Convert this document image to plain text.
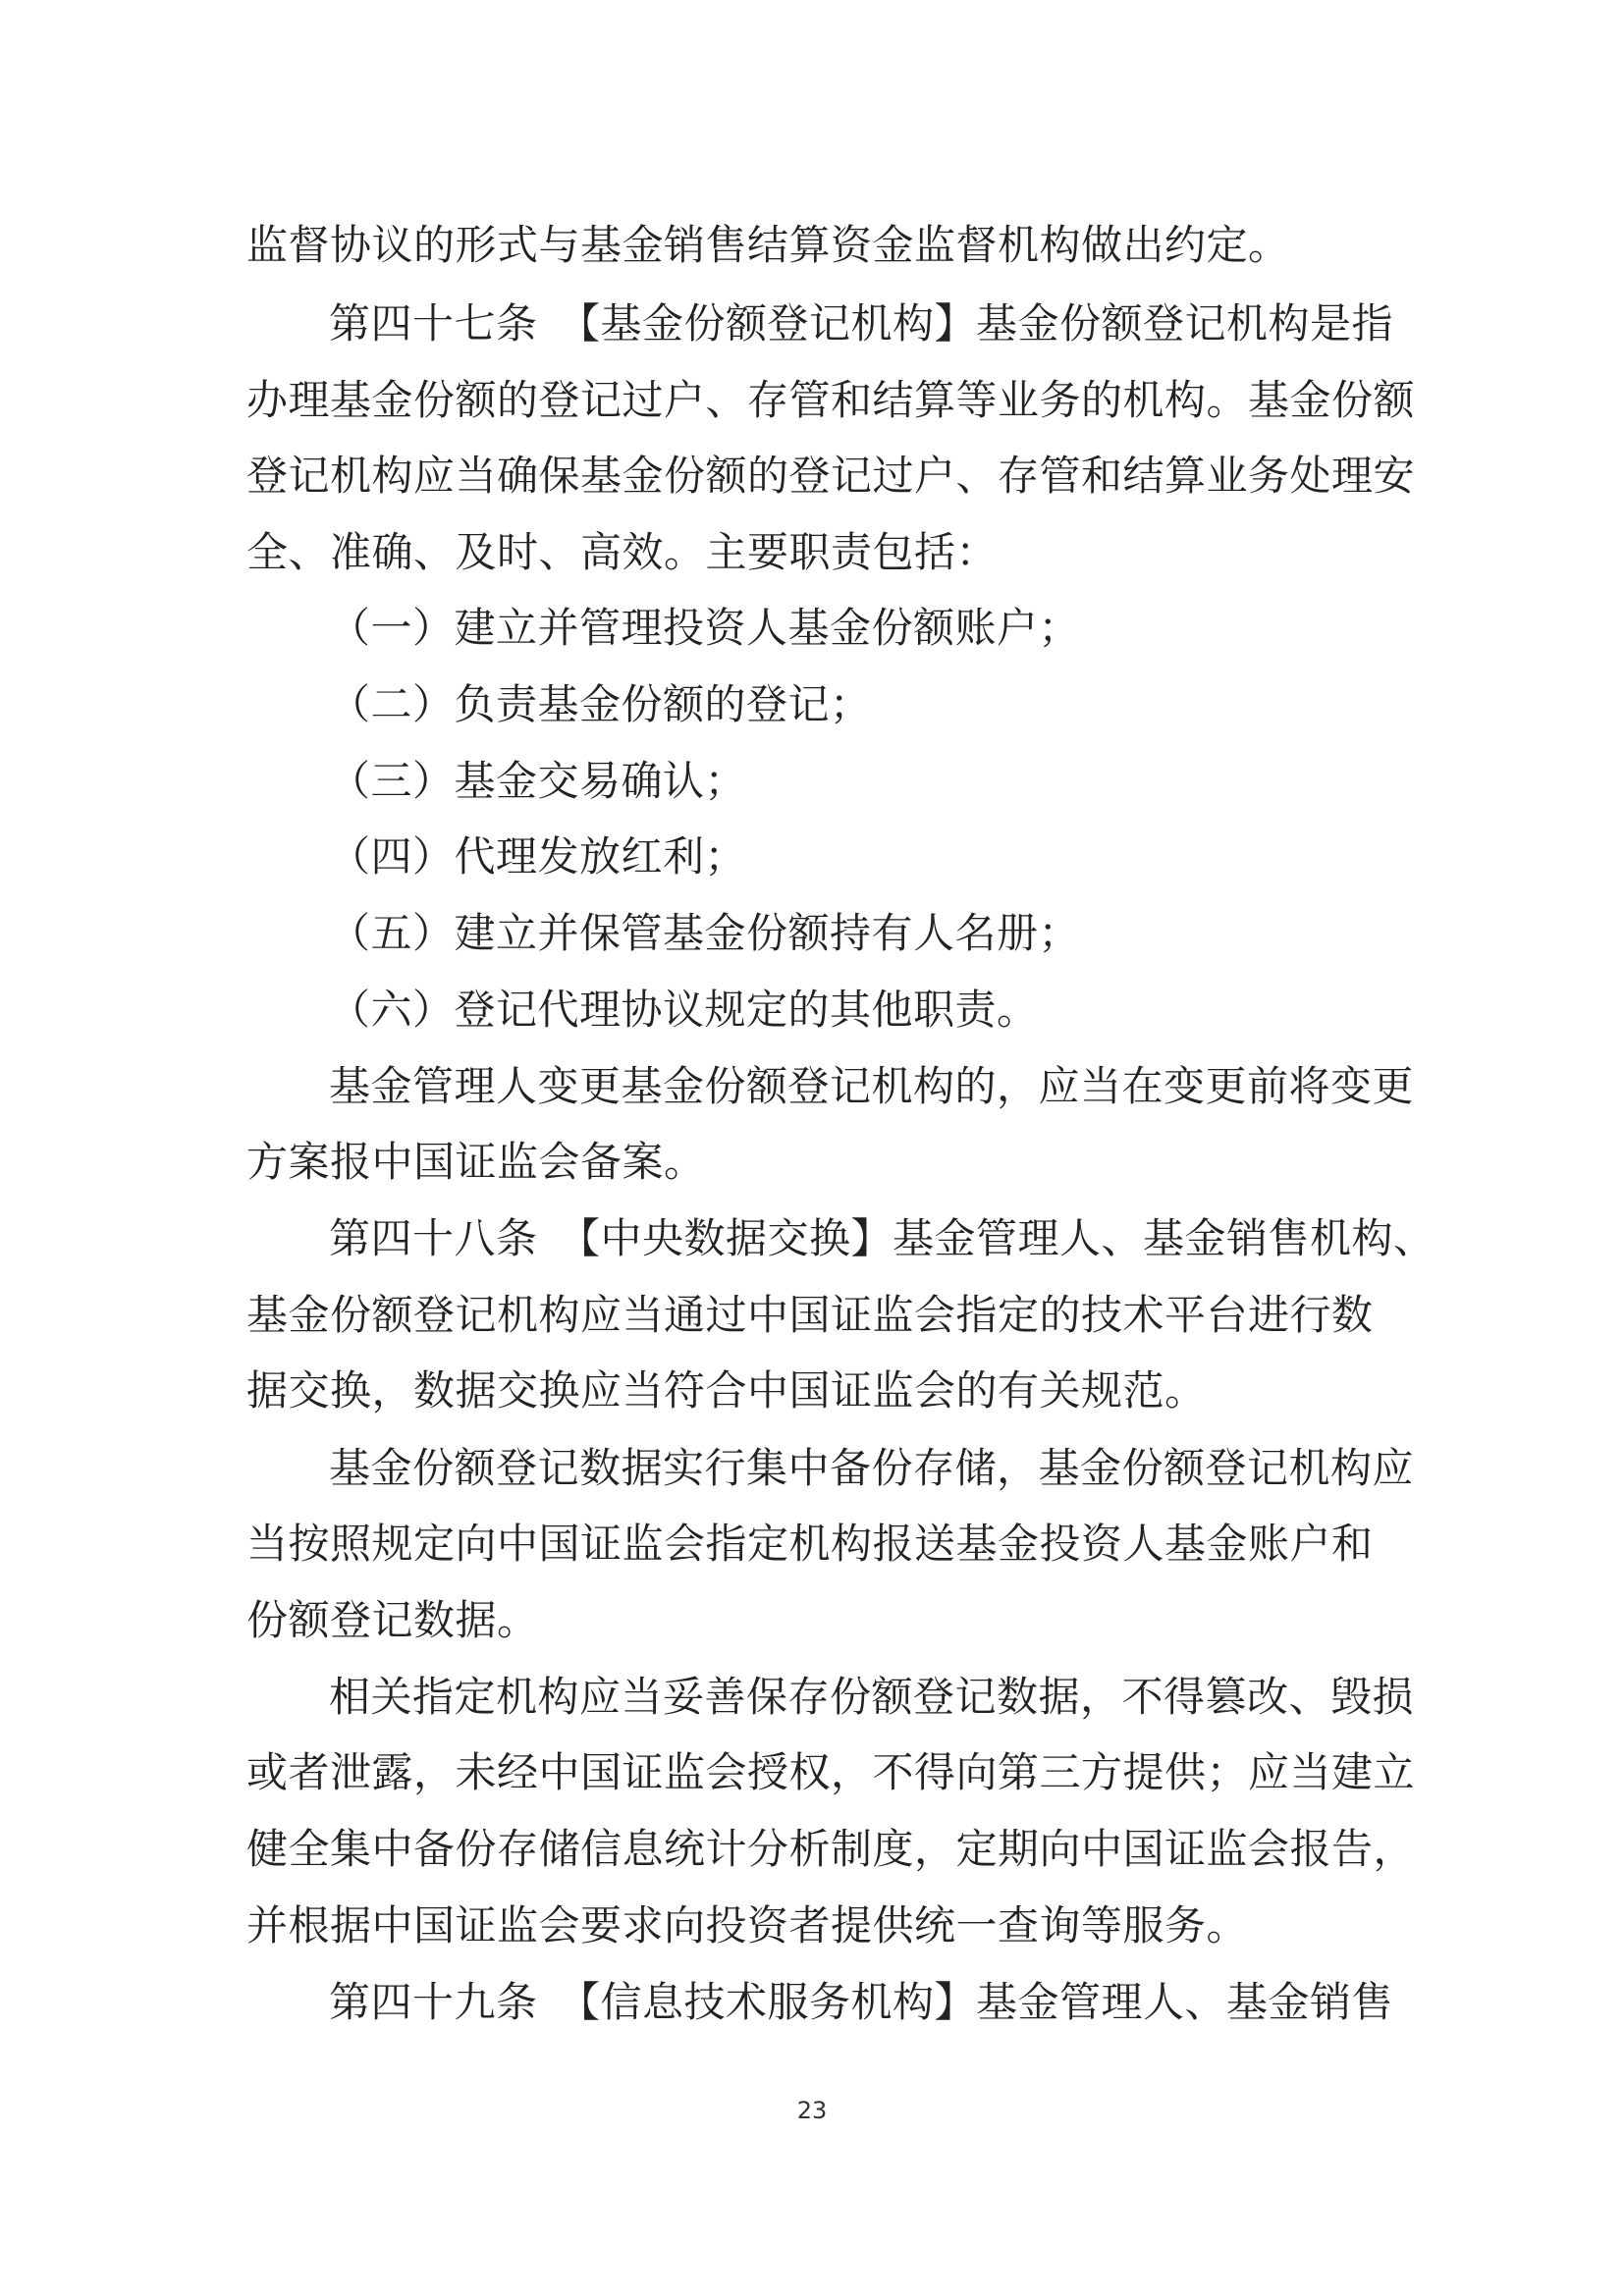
监督协议的形式与基金销售结算资金监督机构做出约定。
第四十七条　【基金份额登记机构】基金份额登记机构是指
办理基金份额的登记过户、存管和结算等业务的机构。基金份额
登记机构应当确保基金份额的登记过户、存管和结算业务处理安
全、准确、及时、高效。主要职责包括：
（一）建立并管理投资人基金份额账户；
（二）负责基金份额的登记；
（三）基金交易确认；
（四）代理发放红利；
（五）建立并保管基金份额持有人名册；
（六）登记代理协议规定的其他职责。
基金管理人变更基金份额登记机构的，应当在变更前将变更
方案报中国证监会备案。
第四十八条　【中央数据交换】基金管理人、基金销售机构、
基金份额登记机构应当通过中国证监会指定的技术平台进行数
据交换，数据交换应当符合中国证监会的有关规范。
基金份额登记数据实行集中备份存储，基金份额登记机构应
当按照规定向中国证监会指定机构报送基金投资人基金账户和
份额登记数据。
相关指定机构应当妥善保存份额登记数据，不得篡改、毁损
或者泄露，未经中国证监会授权，不得向第三方提供；应当建立
健全集中备份存储信息统计分析制度，定期向中国证监会报告，
并根据中国证监会要求向投资者提供统一查询等服务。
第四十九条　【信息技术服务机构】基金管理人、基金销售
23
